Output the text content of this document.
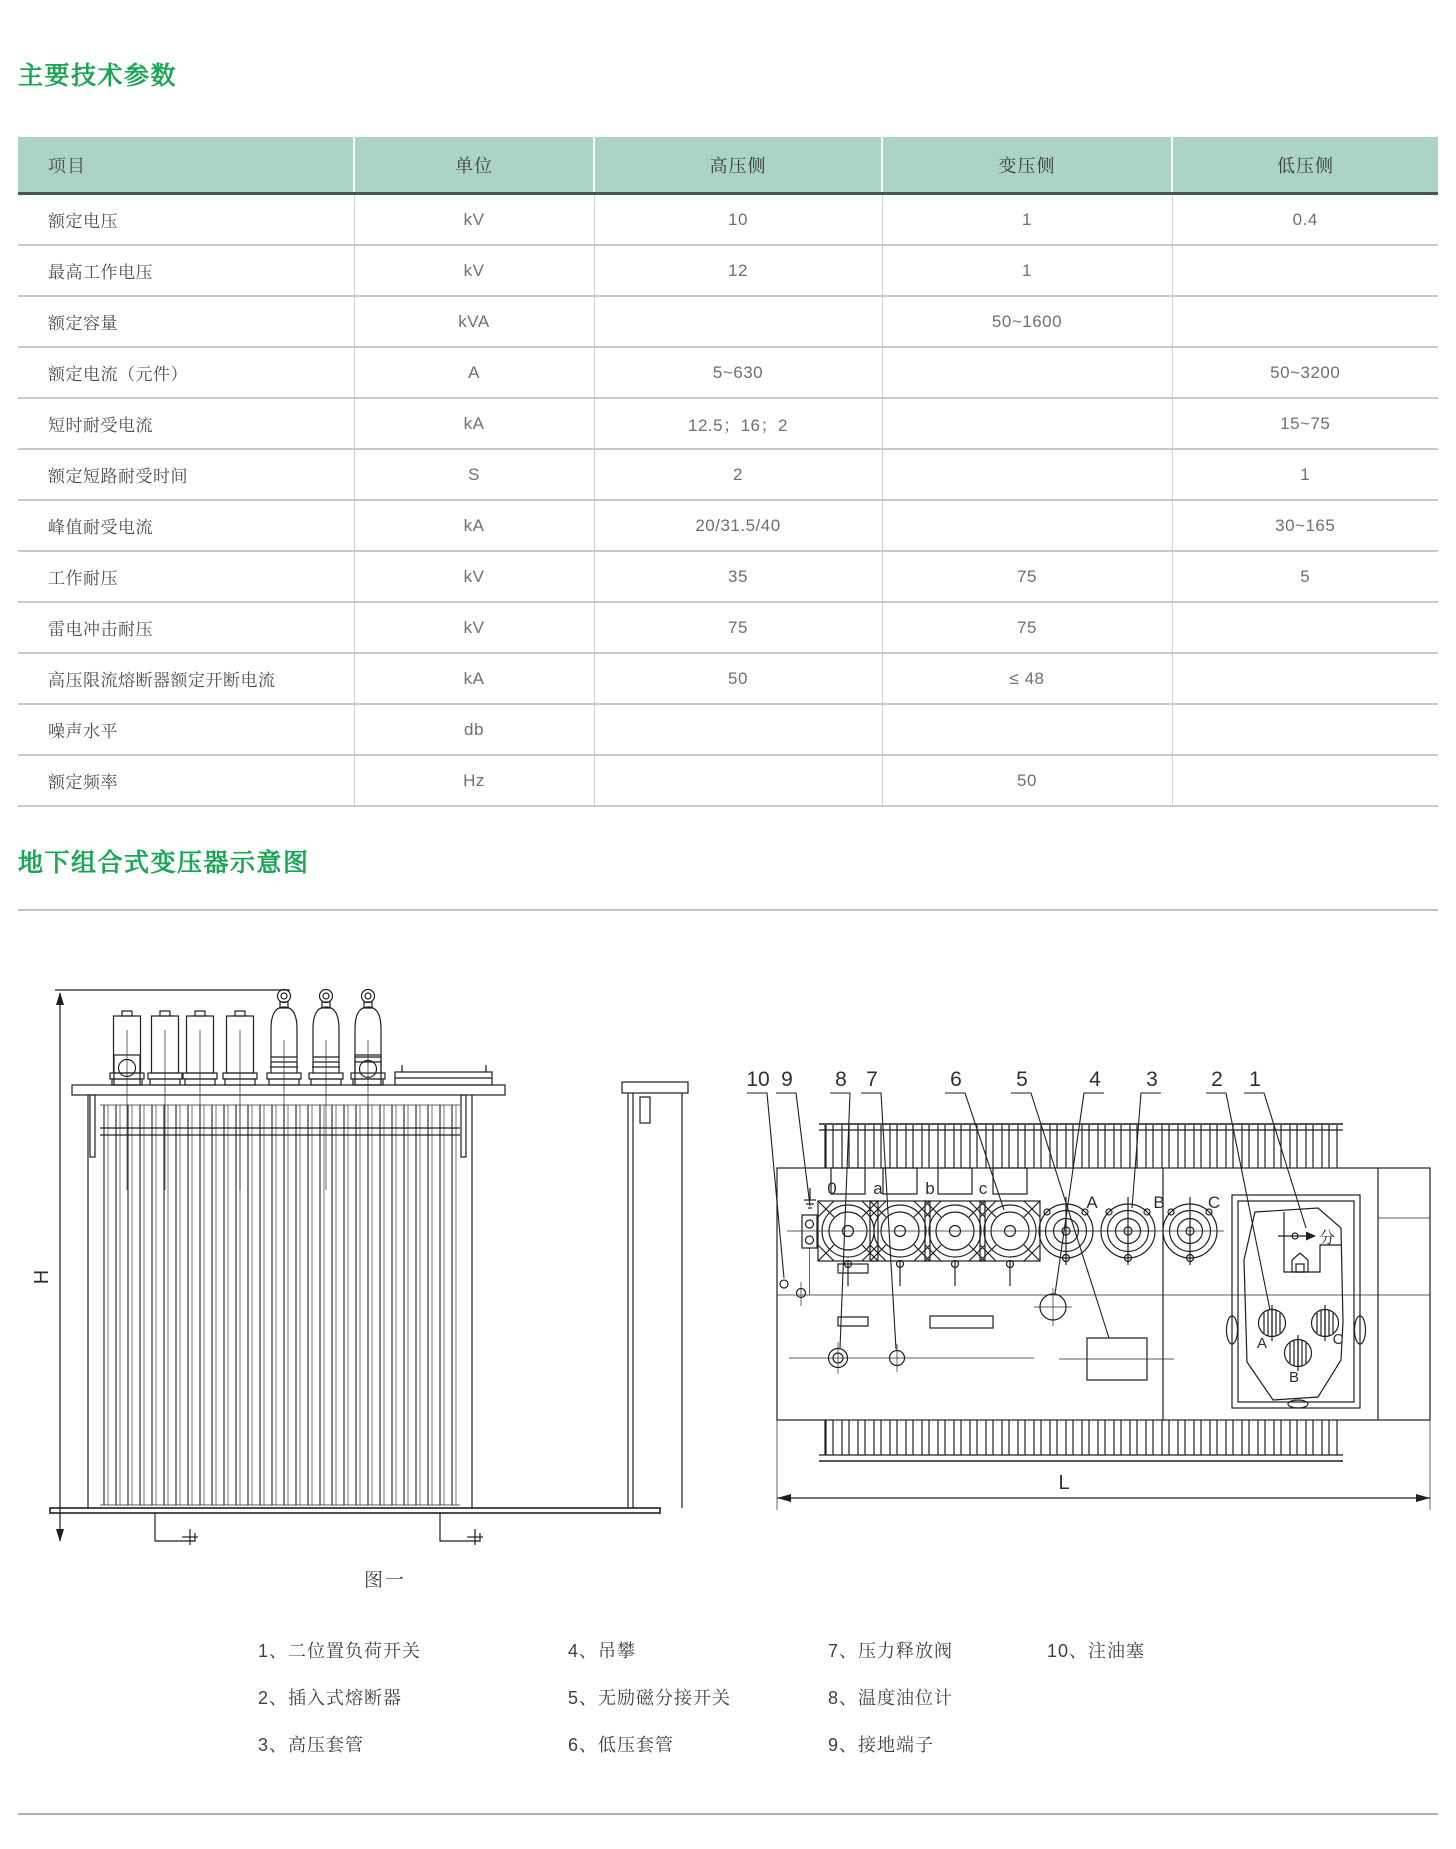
主要技术参数
地下组合式变压器示意图
项目	单位	高压侧	变压侧	低压侧
额定电压	kV	10	1	0.4
最高工作电压	kV	12	1	
额定容量	kVA		50~1600	
额定电流（元件）	A	5~630		50~3200
短时耐受电流	kA	12.5；16；2		15~75
额定短路耐受时间	S	2		1
峰值耐受电流	kA	20/31.5/40		30~165
工作耐压	kV	35	75	5
雷电冲击耐压	kV	75	75	
高压限流熔断器额定开断电流	kA	50	≤ 48	
噪声水平	db			
额定频率	Hz		50	
H
10 9 8 7	6	5	4 3	2 1
0 a	b	c
A	B	C
分
A
B
C
L
图一
1、二位置负荷开关
2、插入式熔断器
3、高压套管
4、吊攀
5、无励磁分接开关
6、低压套管
7、压力释放阀
8、温度油位计
9、接地端子
10、注油塞
